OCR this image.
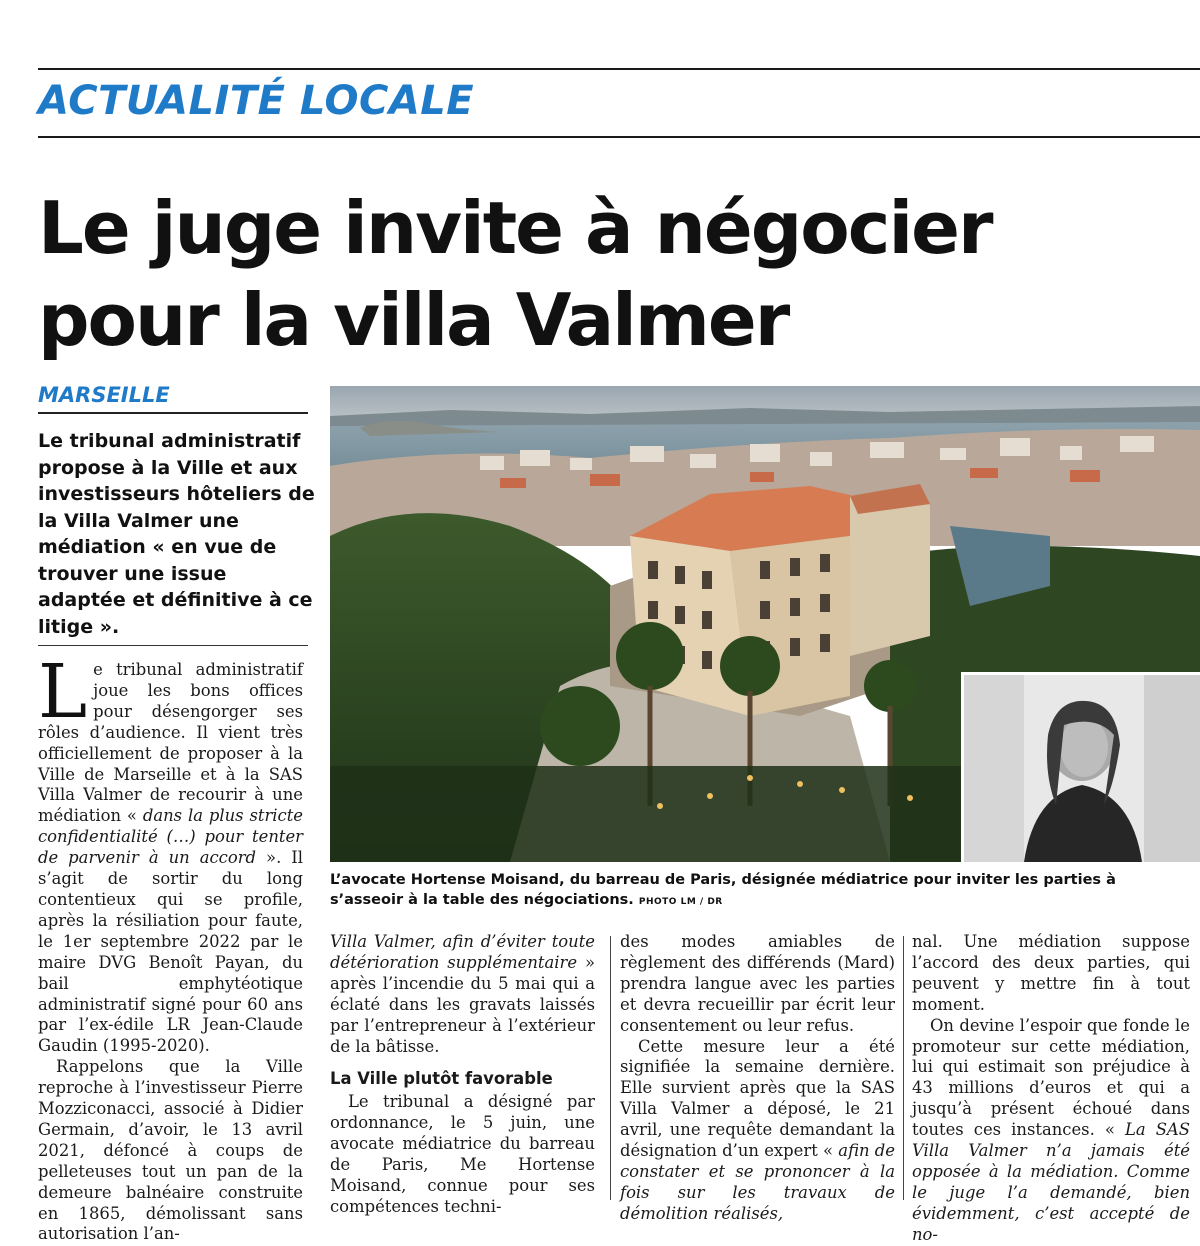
ACTUALITÉ LOCALE
Le juge invite à négocier
pour la villa Valmer
MARSEILLE
Le tribunal administratif propose à la Ville et aux investisseurs hôteliers de la Villa Valmer une médiation « en vue de trouver une issue adaptée et définitive à ce litige ».
L’avocate Hortense Moisand, du barreau de Paris, désignée médiatrice pour inviter les parties à s’asseoir à la table des négociations. PHOTO LM / DR

Le tribunal administratif joue les bons offices pour désengorger ses rôles d’audience. Il vient très officiellement de proposer à la Ville de Marseille et à la SAS Villa Valmer de recourir à une médiation « dans la plus stricte confidentialité (…) pour tenter de parvenir à un accord ». Il s’agit de sortir du long contentieux qui se profile, après la résiliation pour faute, le 1er septembre 2022 par le maire DVG Benoît Payan, du bail emphytéotique administratif signé pour 60 ans par l’ex-édile LR Jean-Claude Gaudin (1995-2020).

Rappelons que la Ville reproche à l’investisseur Pierre Mozziconacci, associé à Didier Germain, d’avoir, le 13 avril 2021, défoncé à coups de pelleteuses tout un pan de la demeure balnéaire construite en 1865, démolissant sans autorisation l’an-

Villa Valmer, afin d’éviter toute détérioration supplémentaire » après l’incendie du 5 mai qui a éclaté dans les gravats laissés par l’entrepreneur à l’extérieur de la bâtisse.

La Ville plutôt favorable

Le tribunal a désigné par ordonnance, le 5 juin, une avocate médiatrice du barreau de Paris, Me Hortense Moisand, connue pour ses compétences techni-

des modes amiables de règlement des différends (Mard) prendra langue avec les parties et devra recueillir par écrit leur consentement ou leur refus.

Cette mesure leur a été signifiée la semaine dernière. Elle survient après que la SAS Villa Valmer a déposé, le 21 avril, une requête demandant la désignation d’un expert « afin de constater et se prononcer à la fois sur les travaux de démolition réalisés,

nal. Une médiation suppose l’accord des deux parties, qui peuvent y mettre fin à tout moment.

On devine l’espoir que fonde le promoteur sur cette médiation, lui qui estimait son préjudice à 43 millions d’euros et qui a jusqu’à présent échoué dans toutes ces instances. « La SAS Villa Valmer n’a jamais été opposée à la médiation. Comme le juge l’a demandé, bien évidemment, c’est accepté de no-
